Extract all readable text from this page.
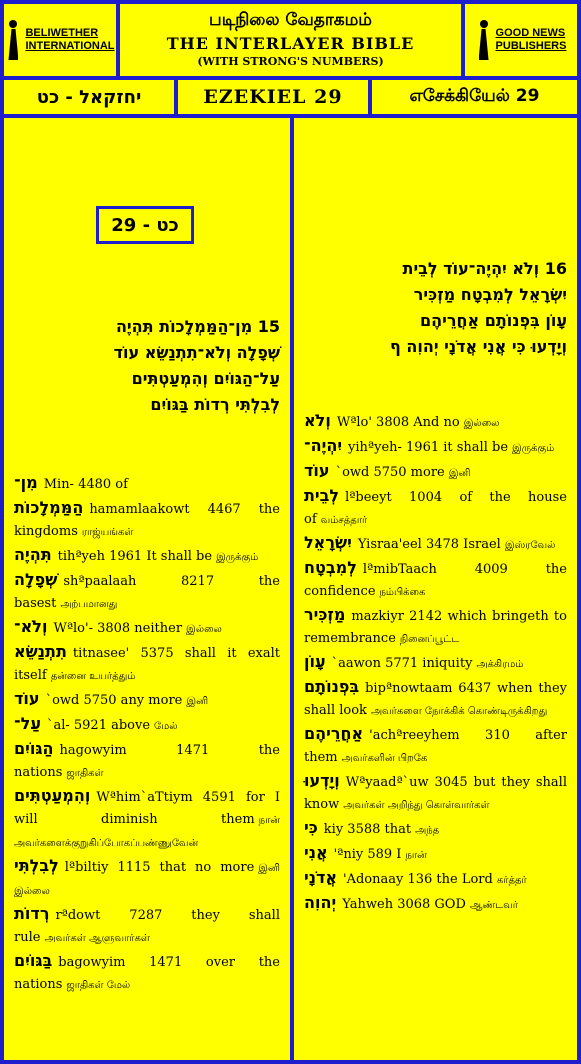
BELIWETHER
INTERNATIONAL
படிநிலை வேதாகமம்
THE INTERLAYER BIBLE
(WITH STRONG'S NUMBERS)
GOOD NEWS
PUBLISHERS
יחזקאל - כט	EZEKIEL 29	எசேக்கியேல் 29
כט - 29
15 מִן־הַמַּמְלָכוֹת תִּהְיֶה
שְׁפָלָה וְלֹא־תִתְנַשֵּׂא עוֹד
עַל־הַגּוֹיִם וְהִמְעַטְתִּים
לְבִלְתִּי רְדוֹת בַּגּוֹיִם
מִן־ Min- 4480 of
הַמַּמְלָכוֹת hamamlaakowt 4467 the kingdoms ராஜ்யங்கள்
תִּהְיֶה tihªyeh 1961 It shall be இருக்கும்
שְׁפָלָה shªpaalaah 8217 the basest அற்பமானது
וְלֹא־ Wªlo'- 3808 neither இல்லை
תִתְנַשֵּׂא titnasee' 5375 shall it exalt itself தன்னை உயர்த்தும்
עוֹד `owd 5750 any more இனி
עַל־ `al- 5921 above மேல்
הַגּוֹיִם hagowyim 1471 the nations ஜாதிகள்
וְהִמְעַטְתִּים Wªhim`aTtiym 4591 for I will diminish them நான் அவர்களைக்குறுகிப்போகப்பண்ணுவேன்
לְבִלְתִּי lªbiltiy 1115 that no more இனி இல்லை
רְדוֹת rªdowt 7287 they shall rule அவர்கள் ஆளுவார்கள்
בַּגּוֹיִם bagowyim 1471 over the nations ஜாதிகள் மேல்
16 וְלֹא יִהְיֶה־עוֹד לְבֵית
יִשְׂרָאֵל לְמִבְטָח מַזְכִּיר
עָוֹן בִּפְנוֹתָם אַחֲרֵיהֶם
וְיָדְעוּ כִּי אֲנִי אֲדֹנָי יְהוִה ף
וְלֹא Wªlo' 3808 And no இல்லை
יִהְיֶה־ yihªyeh- 1961 it shall be இருக்கும்
עוֹד `owd 5750 more இனி
לְבֵית lªbeeyt 1004 of the house of வம்சத்தார்
יִשְׂרָאֵל Yisraa'eel 3478 Israel இஸ்ரவேல்
לְמִבְטָח lªmibTaach 4009 the confidence நம்பிக்கை
מַזְכִּיר mazkiyr 2142 which bringeth to remembrance நினைப்பூட்ட
עָוֹן `aawon 5771 iniquity அக்கிரமம்
בִּפְנוֹתָם bipªnowtaam 6437 when they shall look அவர்களை நோக்கிக் கொண்டிருக்கிறது
אַחֲרֵיהֶם 'achªreeyhem 310 after them அவர்களின் பிறகே
וְיָדְעוּ Wªyaadª`uw 3045 but they shall know அவர்கள் அறிந்து கொள்வார்கள்
כִּי kiy 3588 that அந்த
אֲנִי 'ªniy 589 I நான்
אֲדֹנָי 'Adonaay 136 the Lord கர்த்தர்
יְהוִה Yahweh 3068 GOD ஆண்டவர்
